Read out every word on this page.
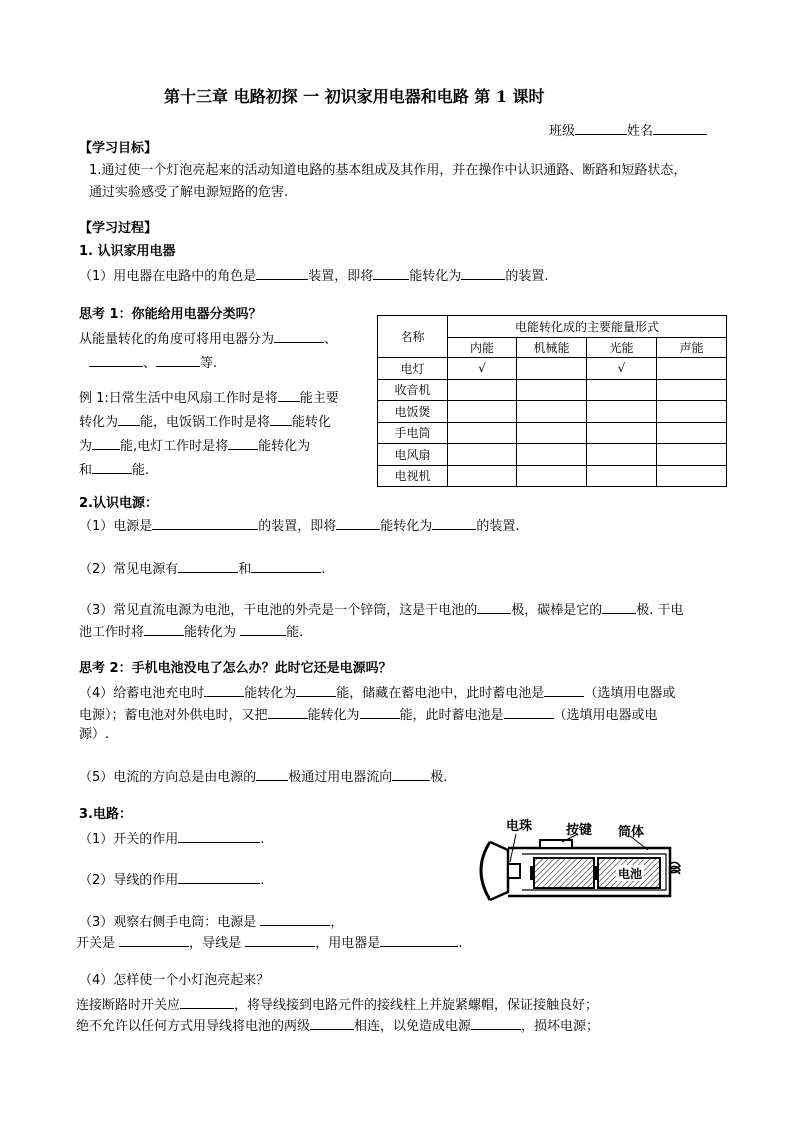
第十三章 电路初探 一 初识家用电器和电路 第 1 课时
班级	姓名
【学习目标】
1.通过使一个灯泡亮起来的活动知道电路的基本组成及其作用，并在操作中认识通路、断路和短路状态，
通过实验感受了解电源短路的危害.
【学习过程】
1. 认识家用电器
（1）用电器在电路中的角色是	装置，即将	能转化为	的装置.
思考 1：你能给用电器分类吗？
从能量转化的角度可将用电器分为	、
、	等.
例 1:日常生活中电风扇工作时是将 能主要
转化为 能，电饭锅工作时是将 能转化
为 能,电灯工作时是将 能转化为
和	能.
名称	电能转化成的主要能量形式			
	内能	机械能	光能	声能
电灯	√		√	
收音机				
电饭煲				
手电筒				
电风扇				
电视机				
2.认识电源：
（1）电源是	的装置，即将	能转化为	的装置.
（2）常见电源有	和	.
（3）常见直流电源为电池，干电池的外壳是一个锌筒，这是干电池的	极，碳棒是它的	极. 干电
池工作时将	能转化为	能.
思考 2：手机电池没电了怎么办？此时它还是电源吗？
（4）给蓄电池充电时	能转化为	能，储藏在蓄电池中，此时蓄电池是	（选填用电器或
电源）；蓄电池对外供电时，又把	能转化为	能，此时蓄电池是	（选填用电器或电
源）.
（5）电流的方向总是由电源的 极通过用电器流向	极.
3.电路：
（1）开关的作用	.
（2）导线的作用	.
（3）观察右侧手电筒：电源是	，
开关是	，导线是	，用电器是	.
（4）怎样使一个小灯泡亮起来？
连接断路时开关应	，将导线接到电路元件的接线柱上并旋紧螺帽，保证接触良好；
绝不允许以任何方式用导线将电池的两级	相连，以免造成电源	，损坏电源；
电池
电珠	按键 筒体
